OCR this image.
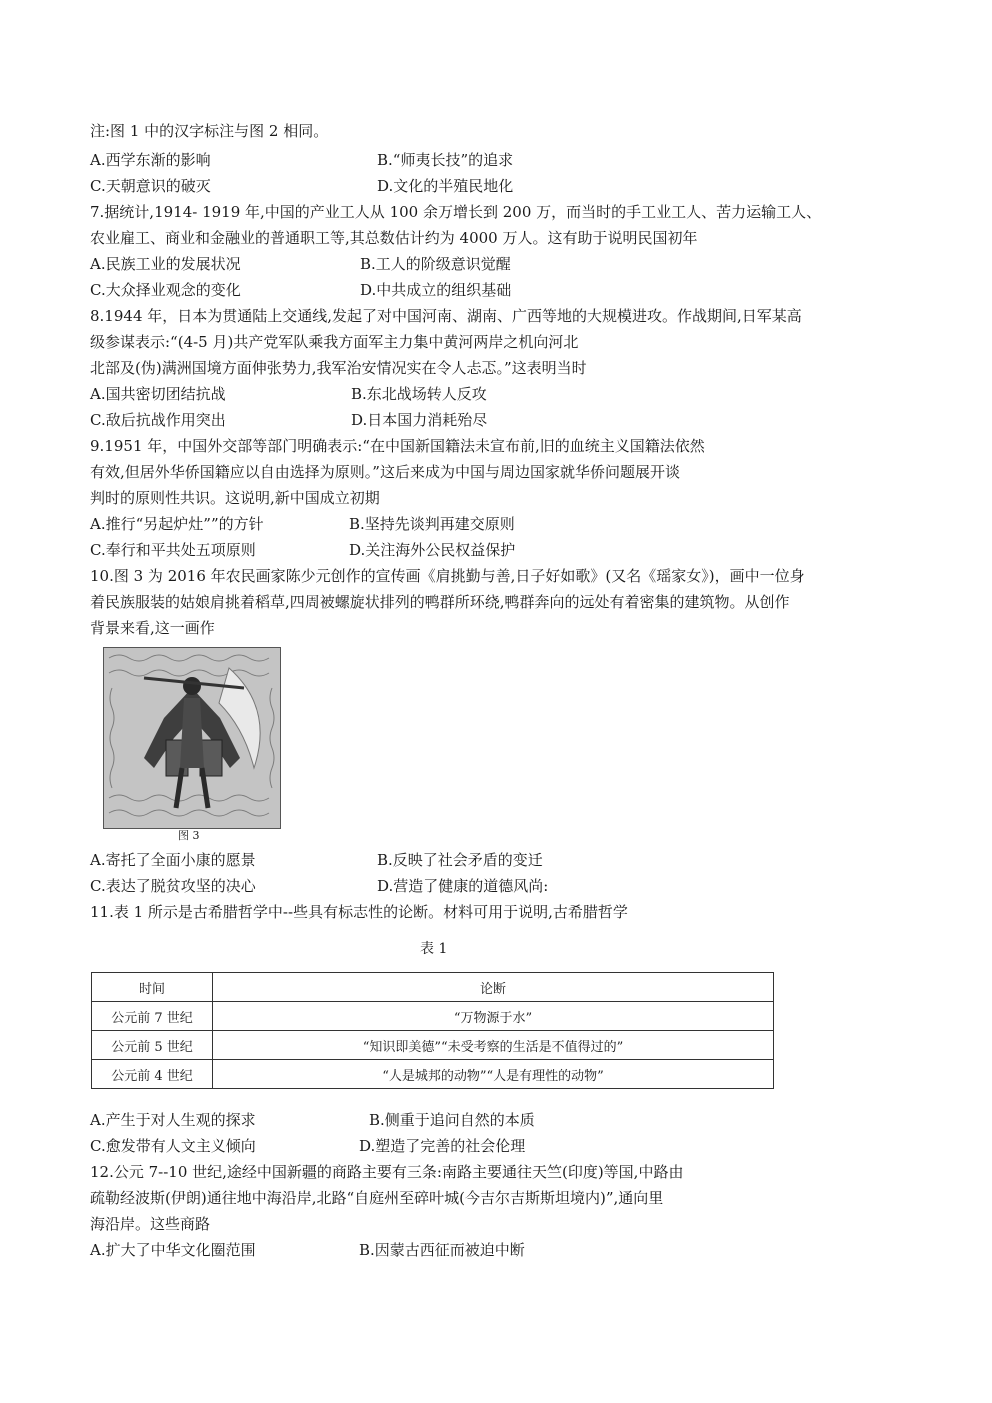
注:图 1 中的汉字标注与图 2 相同。
A.西学东渐的影响	B.“师夷长技”的追求
C.天朝意识的破灭	D.文化的半殖民地化
7.据统计,1914- 1919 年,中国的产业工人从 100 余万增长到 200 万，而当时的手工业工人、苦力运输工人、
农业雇工、商业和金融业的普通职工等,其总数估计约为 4000 万人。这有助于说明民国初年
A.民族工业的发展状况	B.工人的阶级意识觉醒
C.大众择业观念的变化	D.中共成立的组织基础
8.1944 年，日本为贯通陆上交通线,发起了对中国河南、湖南、广西等地的大规模进攻。作战期间,日军某高
级参谋表示:“(4-5 月)共产党军队乘我方面军主力集中黄河两岸之机向河北
北部及(伪)满洲国境方面伸张势力,我军治安情况实在令人忐忑。”这表明当时
A.国共密切团结抗战	B.东北战场转人反攻
C.敌后抗战作用突出	D.日本国力消耗殆尽
9.1951 年，中国外交部等部门明确表示:“在中国新国籍法未宣布前,旧的血统主义国籍法依然
有效,但居外华侨国籍应以自由选择为原则。”这后来成为中国与周边国家就华侨问题展开谈
判时的原则性共识。这说明,新中国成立初期
A.推行“另起炉灶””的方针	B.坚持先谈判再建交原则
C.奉行和平共处五项原则	D.关注海外公民权益保护
10.图 3 为 2016 年农民画家陈少元创作的宣传画《肩挑勤与善,日子好如歌》(又名《瑶家女》)，画中一位身
着民族服装的姑娘肩挑着稻草,四周被螺旋状排列的鸭群所环绕,鸭群奔向的远处有着密集的建筑物。从创作
背景来看,这一画作
图 3
A.寄托了全面小康的愿景	B.反映了社会矛盾的变迁
C.表达了脱贫攻坚的决心	D.营造了健康的道德风尚:
11.表 1 所示是古希腊哲学中--些具有标志性的论断。材料可用于说明,古希腊哲学
表 1
时间	论断
公元前 7 世纪	“万物源于水”
公元前 5 世纪	“知识即美德”“未受考察的生活是不值得过的”
公元前 4 世纪	“人是城邦的动物”“人是有理性的动物”
A.产生于对人生观的探求	B.侧重于追问自然的本质
C.愈发带有人文主义倾向	D.塑造了完善的社会伦理
12.公元 7--10 世纪,途经中国新疆的商路主要有三条:南路主要通往天竺(印度)等国,中路由
疏勒经波斯(伊朗)通往地中海沿岸,北路“自庭州至碎叶城(今吉尔吉斯斯坦境内)”,通向里
海沿岸。这些商路
A.扩大了中华文化圈范围	B.因蒙古西征而被迫中断
